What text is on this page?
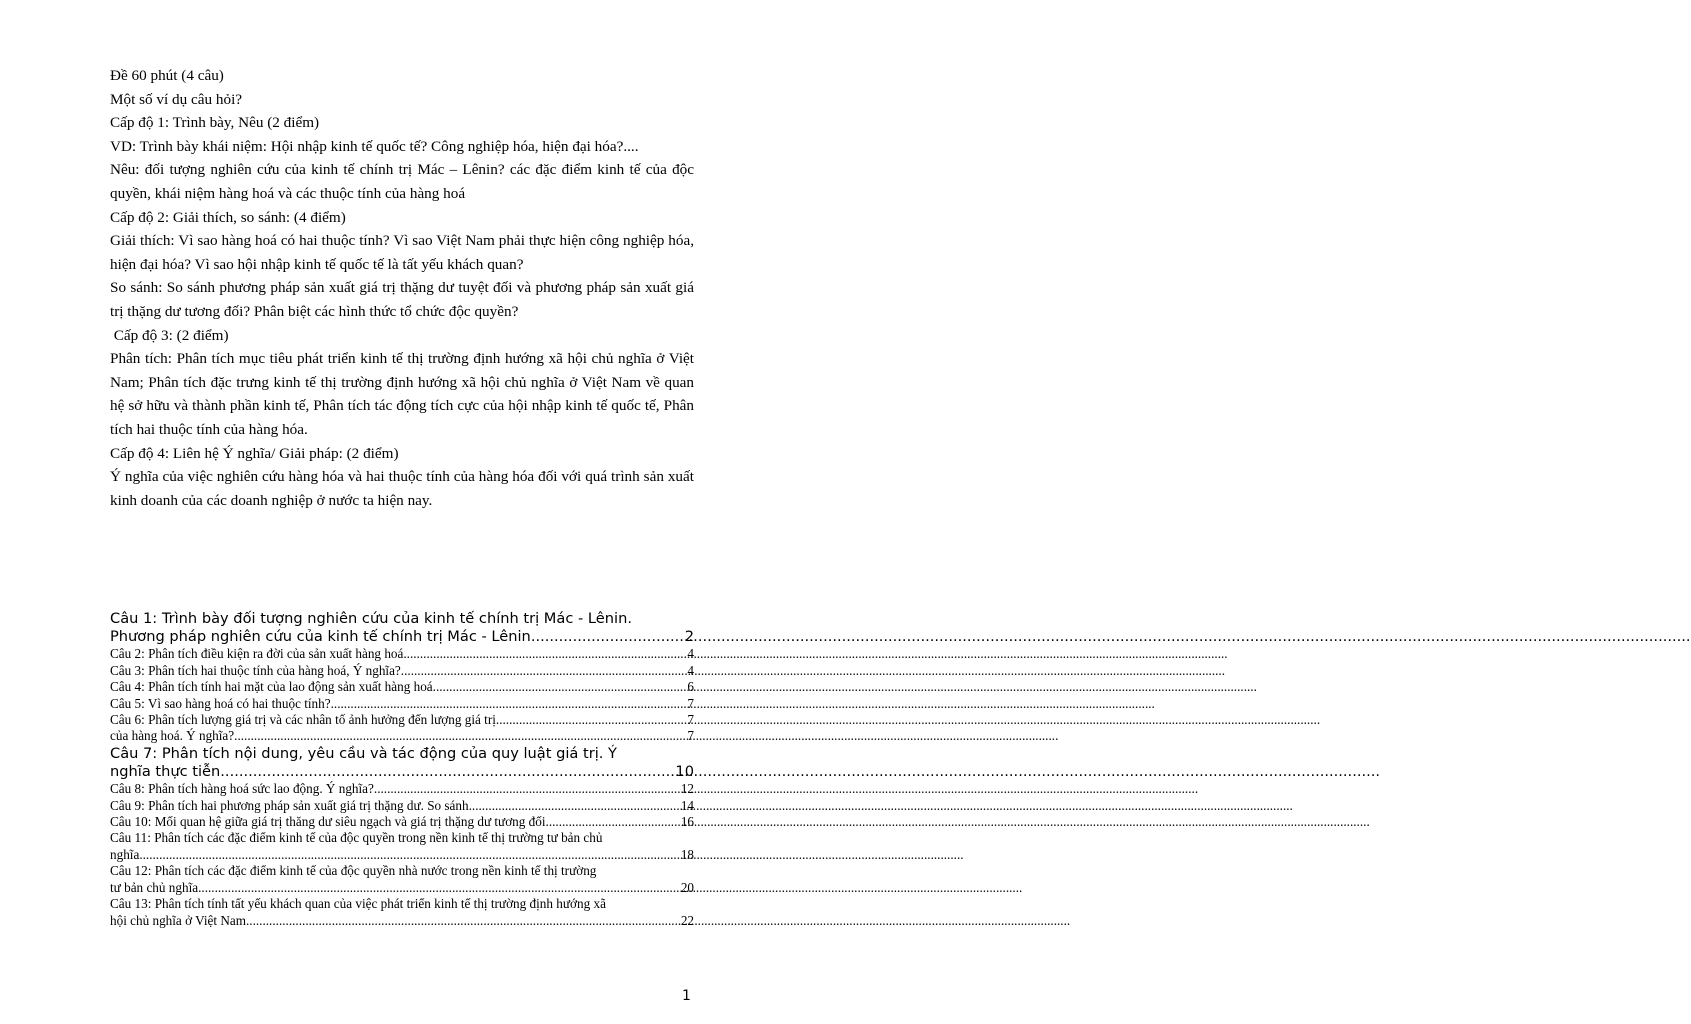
Đề 60 phút (4 câu)

Một số ví dụ câu hỏi?

Cấp độ 1: Trình bày, Nêu (2 điểm)

VD: Trình bày khái niệm: Hội nhập kinh tế quốc tế? Công nghiệp hóa, hiện đại hóa?....

Nêu: đối tượng nghiên cứu của kinh tế chính trị Mác – Lênin? các đặc điểm kinh tế của độc quyền, khái niệm hàng hoá và các thuộc tính của hàng hoá

Cấp độ 2: Giải thích, so sánh: (4 điểm)

Giải thích: Vì sao hàng hoá có hai thuộc tính? Vì sao Việt Nam phải thực hiện công nghiệp hóa, hiện đại hóa? Vì sao hội nhập kinh tế quốc tế là tất yếu khách quan?

So sánh: So sánh phương pháp sản xuất giá trị thặng dư tuyệt đối và phương pháp sản xuất giá trị thặng dư tương đối? Phân biệt các hình thức tổ chức độc quyền?

Cấp độ 3: (2 điểm)

Phân tích: Phân tích mục tiêu phát triển kinh tế thị trường định hướng xã hội chủ nghĩa ở Việt Nam; Phân tích đặc trưng kinh tế thị trường định hướng xã hội chủ nghĩa ở Việt Nam về quan hệ sở hữu và thành phần kinh tế, Phân tích tác động tích cực của hội nhập kinh tế quốc tế, Phân tích hai thuộc tính của hàng hóa.

Cấp độ 4: Liên hệ Ý nghĩa/ Giải pháp: (2 điểm)

Ý nghĩa của việc nghiên cứu hàng hóa và hai thuộc tính của hàng hóa đối với quá trình sản xuất kinh doanh của các doanh nghiệp ở nước ta hiện nay.

Câu 1: Trình bày đối tượng nghiên cứu của kinh tế chính trị Mác - Lênin.
Phương pháp nghiên cứu của kinh tế chính trị Mác - Lênin .....	2
Câu 2: Phân tích điều kiện ra đời của sản xuất hàng hoá .....	4
Câu 3: Phân tích hai thuộc tính của hàng hoá, Ý nghĩa? .....	4
Câu 4: Phân tích tính hai mặt của lao động sản xuất hàng hoá .....	6
Câu 5: Vì sao hàng hoá có hai thuộc tính? .....	7
Câu 6: Phân tích lượng giá trị và các nhân tố ảnh hưởng đến lượng giá trị .....	7
của hàng hoá. Ý nghĩa? .....	7
Câu 7: Phân tích nội dung, yêu cầu và tác động của quy luật giá trị. Ý
nghĩa thực tiễn .....	10
Câu 8: Phân tích hàng hoá sức lao động. Ý nghĩa? .....	12
Câu 9: Phân tích hai phương pháp sản xuất giá trị thặng dư. So sánh .....	14
Câu 10: Mối quan hệ giữa giá trị thăng dư siêu ngạch và giá trị thặng dư tương đối .....	16
Câu 11: Phân tích các đặc điểm kinh tế của độc quyền trong nền kinh tế thị trường tư bản chủ
nghĩa .....	18
Câu 12: Phân tích các đặc điểm kinh tế của độc quyền nhà nước trong nền kinh tế thị trường
tư bản chủ nghĩa .....	20
Câu 13: Phân tích tính tất yếu khách quan của việc phát triển kinh tế thị trường định hướng xã
hội chủ nghĩa ở Việt Nam .....	22
1
